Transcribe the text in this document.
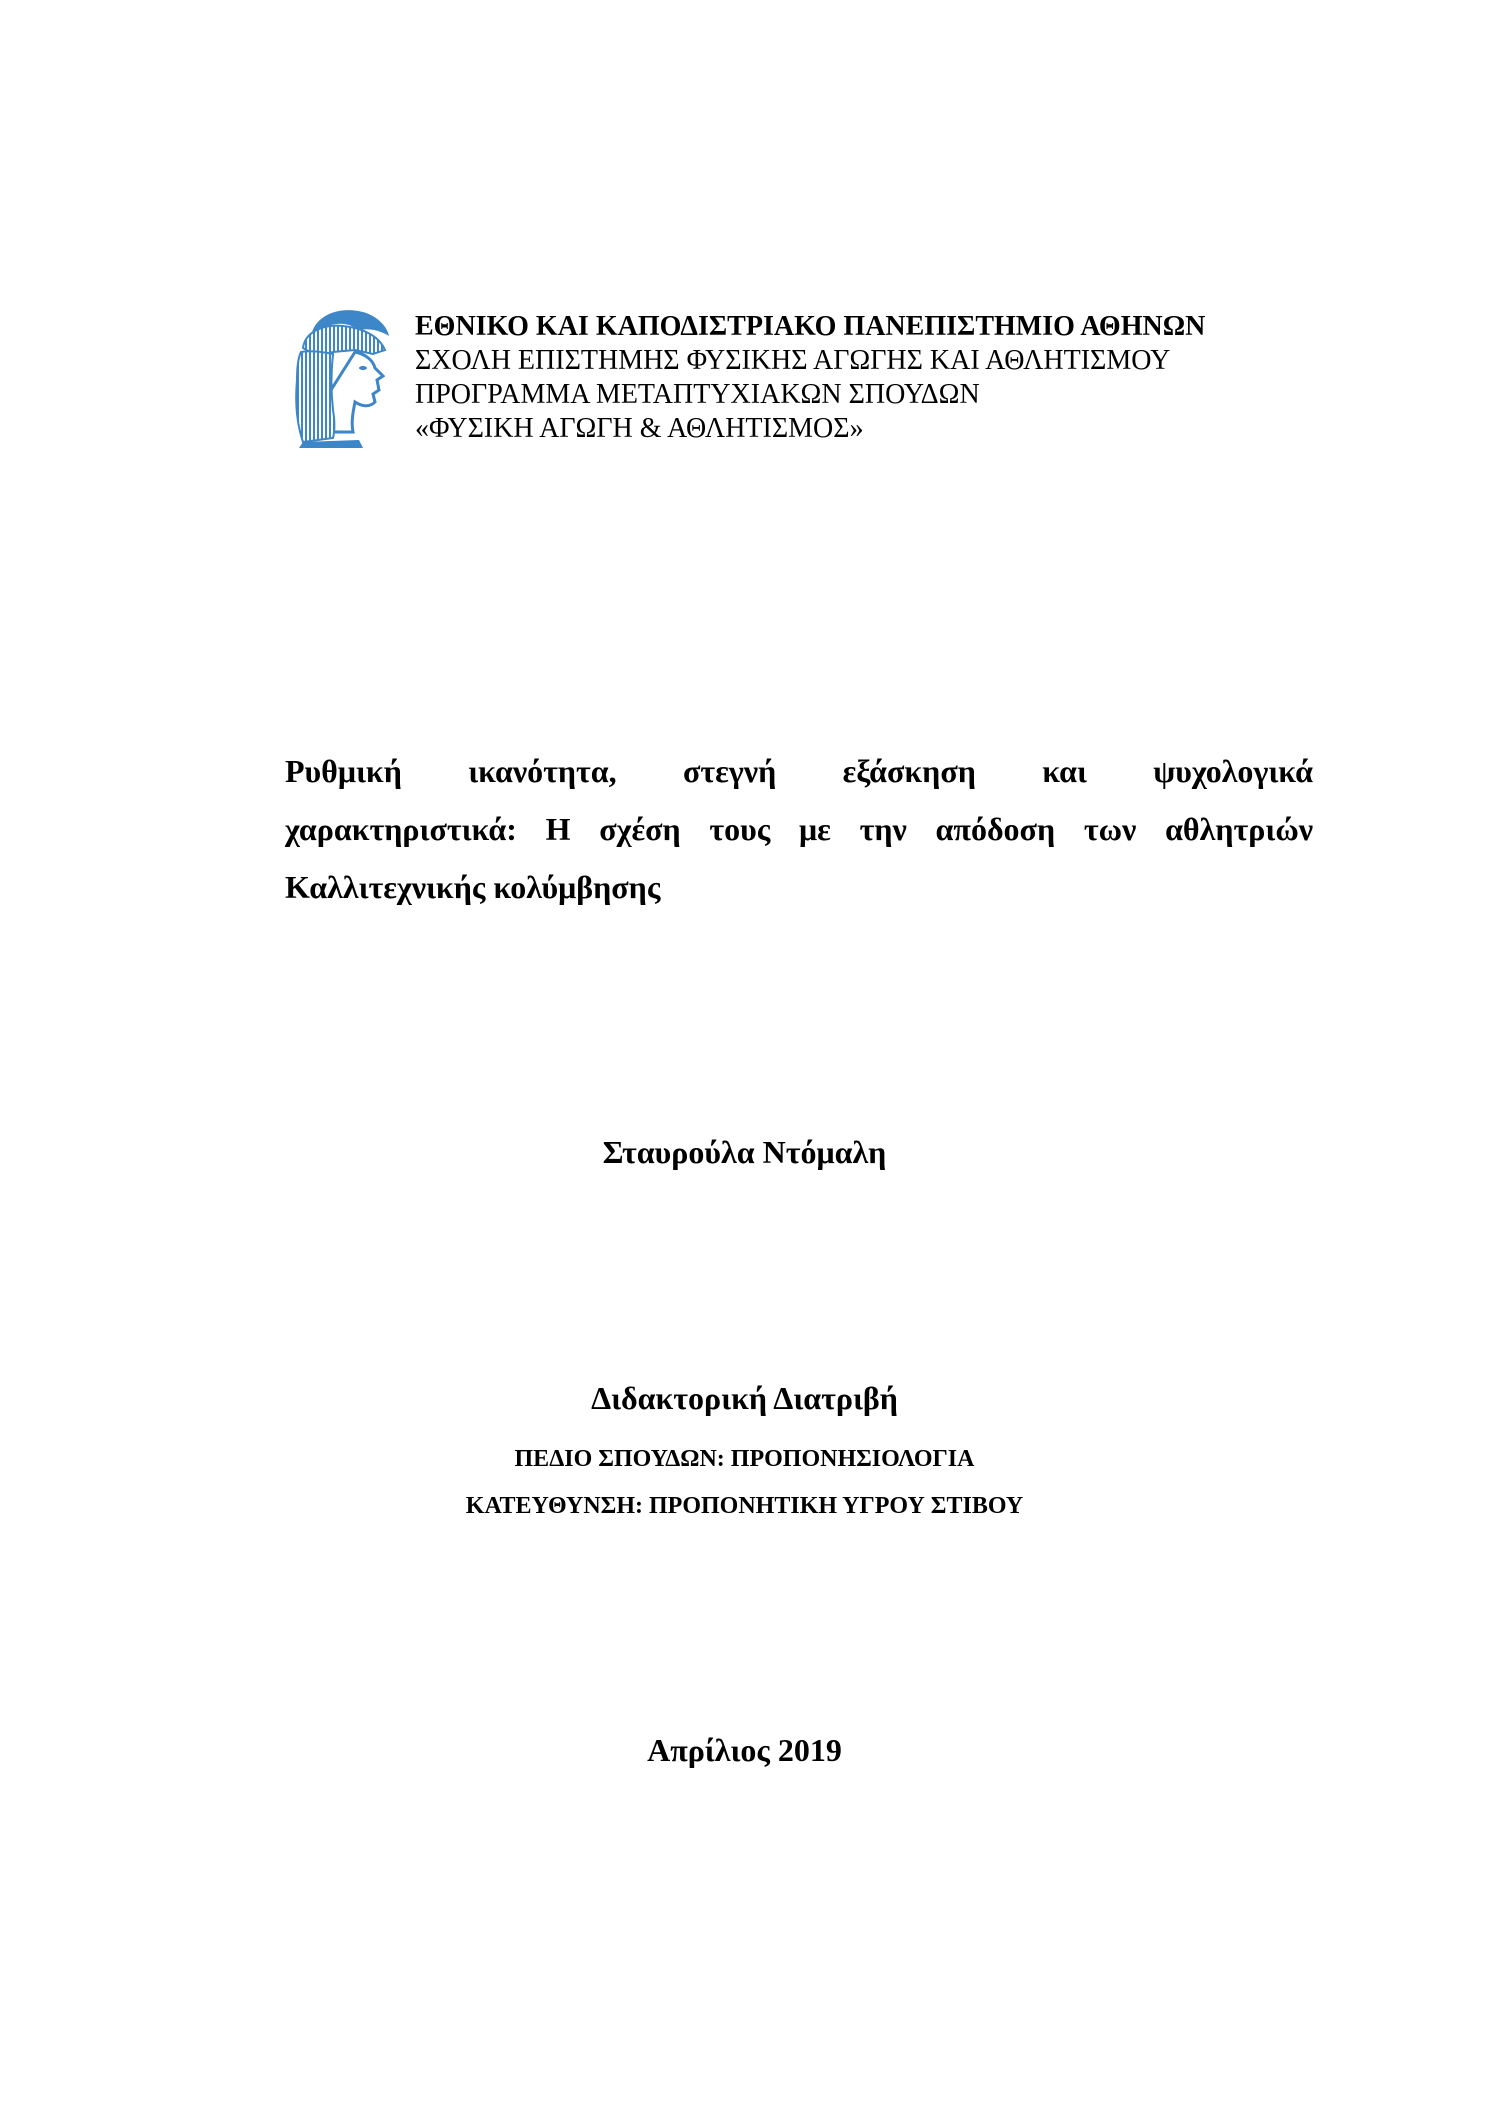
ΕΘΝΙΚΟ ΚΑΙ ΚΑΠΟΔΙΣΤΡΙΑΚΟ ΠΑΝΕΠΙΣΤΗΜΙΟ ΑΘΗΝΩΝ
ΣΧΟΛΗ ΕΠΙΣΤΗΜΗΣ ΦΥΣΙΚΗΣ ΑΓΩΓΗΣ ΚΑΙ ΑΘΛΗΤΙΣΜΟΥ
ΠΡΟΓΡΑΜΜΑ ΜΕΤΑΠΤΥΧΙΑΚΩΝ ΣΠΟΥΔΩΝ
«ΦΥΣΙΚΗ ΑΓΩΓΗ & ΑΘΛΗΤΙΣΜΟΣ»
Ρυθμική ικανότητα, στεγνή εξάσκηση και ψυχολογικά
χαρακτηριστικά: Η σχέση τους με την απόδοση των αθλητριών
Καλλιτεχνικής κολύμβησης
Σταυρούλα Ντόμαλη
Διδακτορική Διατριβή
ΠΕΔΙΟ ΣΠΟΥΔΩΝ: ΠΡΟΠΟΝΗΣΙΟΛΟΓΙΑ
ΚΑΤΕΥΘΥΝΣΗ: ΠΡΟΠΟΝΗΤΙΚΗ ΥΓΡΟΥ ΣΤΙΒΟΥ
Απρίλιος 2019
